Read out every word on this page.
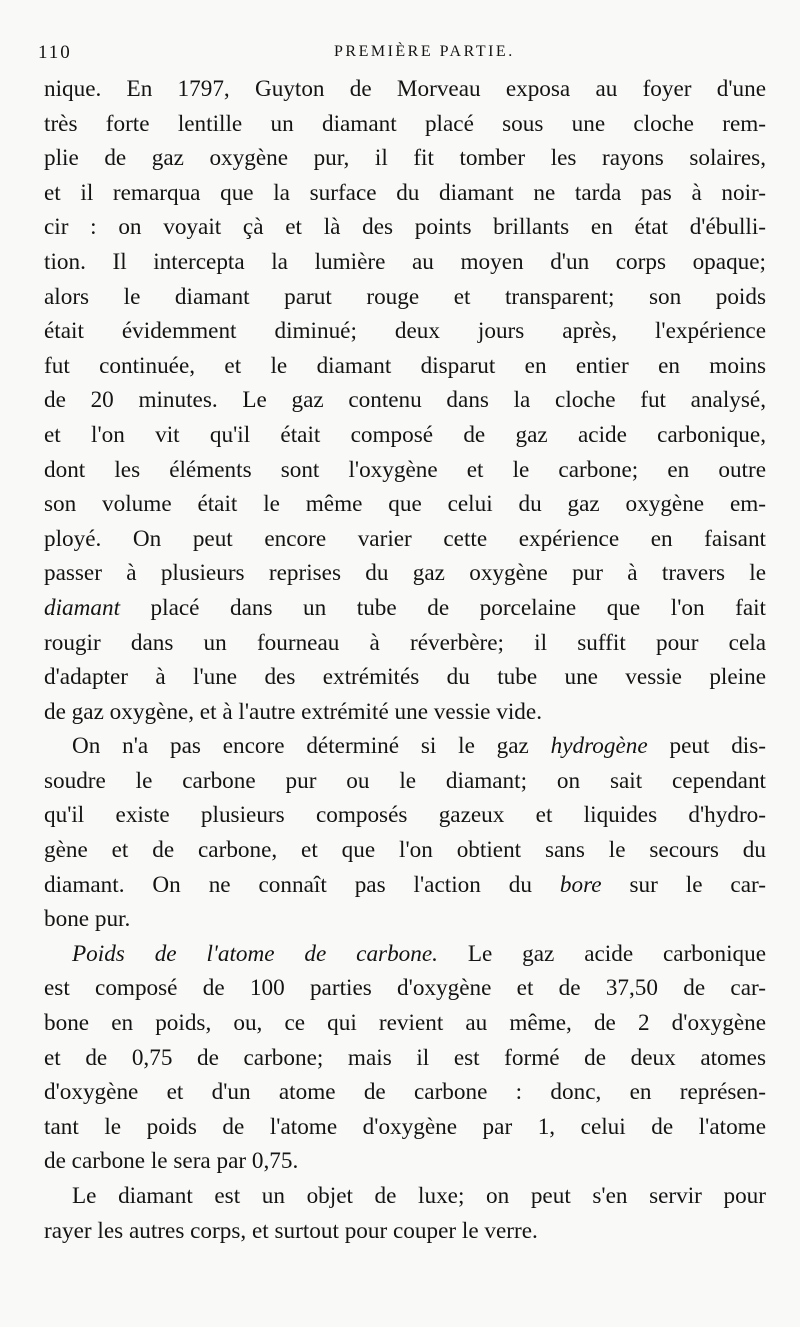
110	PREMIÈRE PARTIE.
nique. En 1797, Guyton de Morveau exposa au foyer d'une
très forte lentille un diamant placé sous une cloche rem-
plie de gaz oxygène pur, il fit tomber les rayons solaires,
et il remarqua que la surface du diamant ne tarda pas à noir-
cir : on voyait çà et là des points brillants en état d'ébulli-
tion. Il intercepta la lumière au moyen d'un corps opaque;
alors le diamant parut rouge et transparent; son poids
était évidemment diminué; deux jours après, l'expérience
fut continuée, et le diamant disparut en entier en moins
de 20 minutes. Le gaz contenu dans la cloche fut analysé,
et l'on vit qu'il était composé de gaz acide carbonique,
dont les éléments sont l'oxygène et le carbone; en outre
son volume était le même que celui du gaz oxygène em-
ployé. On peut encore varier cette expérience en faisant
passer à plusieurs reprises du gaz oxygène pur à travers le
diamant placé dans un tube de porcelaine que l'on fait
rougir dans un fourneau à réverbère; il suffit pour cela
d'adapter à l'une des extrémités du tube une vessie pleine
de gaz oxygène, et à l'autre extrémité une vessie vide.
On n'a pas encore déterminé si le gaz hydrogène peut dis-
soudre le carbone pur ou le diamant; on sait cependant
qu'il existe plusieurs composés gazeux et liquides d'hydro-
gène et de carbone, et que l'on obtient sans le secours du
diamant. On ne connaît pas l'action du bore sur le car-
bone pur.
Poids de l'atome de carbone. Le gaz acide carbonique
est composé de 100 parties d'oxygène et de 37,50 de car-
bone en poids, ou, ce qui revient au même, de 2 d'oxygène
et de 0,75 de carbone; mais il est formé de deux atomes
d'oxygène et d'un atome de carbone : donc, en représen-
tant le poids de l'atome d'oxygène par 1, celui de l'atome
de carbone le sera par 0,75.
Le diamant est un objet de luxe; on peut s'en servir pour
rayer les autres corps, et surtout pour couper le verre.
